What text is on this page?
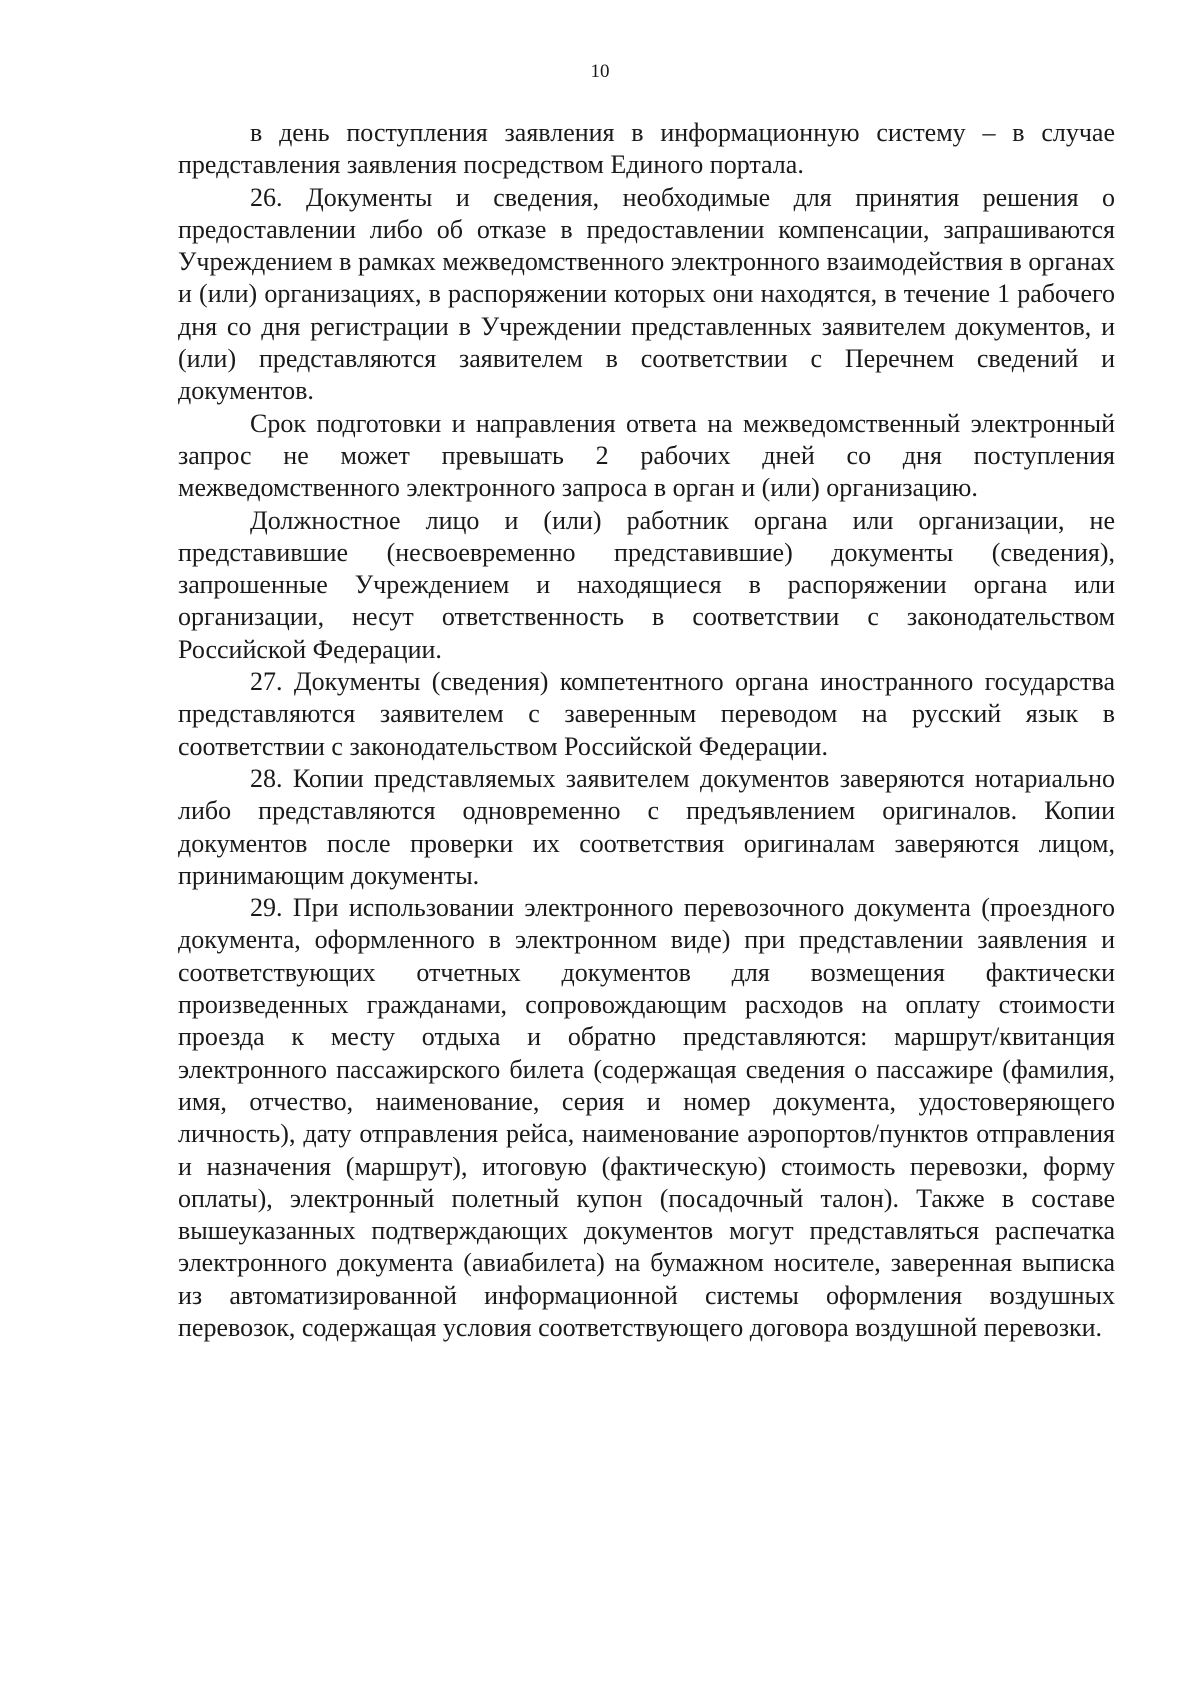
10

в день поступления заявления в информационную систему – в случае представления заявления посредством Единого портала.

26. Документы и сведения, необходимые для принятия решения о предоставлении либо об отказе в предоставлении компенсации, запрашиваются Учреждением в рамках межведомственного электронного взаимодействия в органах и (или) организациях, в распоряжении которых они находятся, в течение 1 рабочего дня со дня регистрации в Учреждении представленных заявителем документов, и (или) представляются заявителем в соответствии с Перечнем сведений и документов.

Срок подготовки и направления ответа на межведомственный электронный запрос не может превышать 2 рабочих дней со дня поступления межведомственного электронного запроса в орган и (или) организацию.

Должностное лицо и (или) работник органа или организации, не представившие (несвоевременно представившие) документы (сведения), запрошенные Учреждением и находящиеся в распоряжении органа или организации, несут ответственность в соответствии с законодательством Российской Федерации.

27. Документы (сведения) компетентного органа иностранного государства представляются заявителем с заверенным переводом на русский язык в соответствии с законодательством Российской Федерации.

28. Копии представляемых заявителем документов заверяются нотариально либо представляются одновременно с предъявлением оригиналов. Копии документов после проверки их соответствия оригиналам заверяются лицом, принимающим документы.

29. При использовании электронного перевозочного документа (проездного документа, оформленного в электронном виде) при представлении заявления и соответствующих отчетных документов для возмещения фактически произведенных гражданами, сопровождающим расходов на оплату стоимости проезда к месту отдыха и обратно представляются: маршрут/квитанция электронного пассажирского билета (содержащая сведения о пассажире (фамилия, имя, отчество, наименование, серия и номер документа, удостоверяющего личность), дату отправления рейса, наименование аэропортов/пунктов отправления и назначения (маршрут), итоговую (фактическую) стоимость перевозки, форму оплаты), электронный полетный купон (посадочный талон). Также в составе вышеуказанных подтверждающих документов могут представляться распечатка электронного документа (авиабилета) на бумажном носителе, заверенная выписка из автоматизированной информационной системы оформления воздушных перевозок, содержащая условия соответствующего договора воздушной перевозки.
